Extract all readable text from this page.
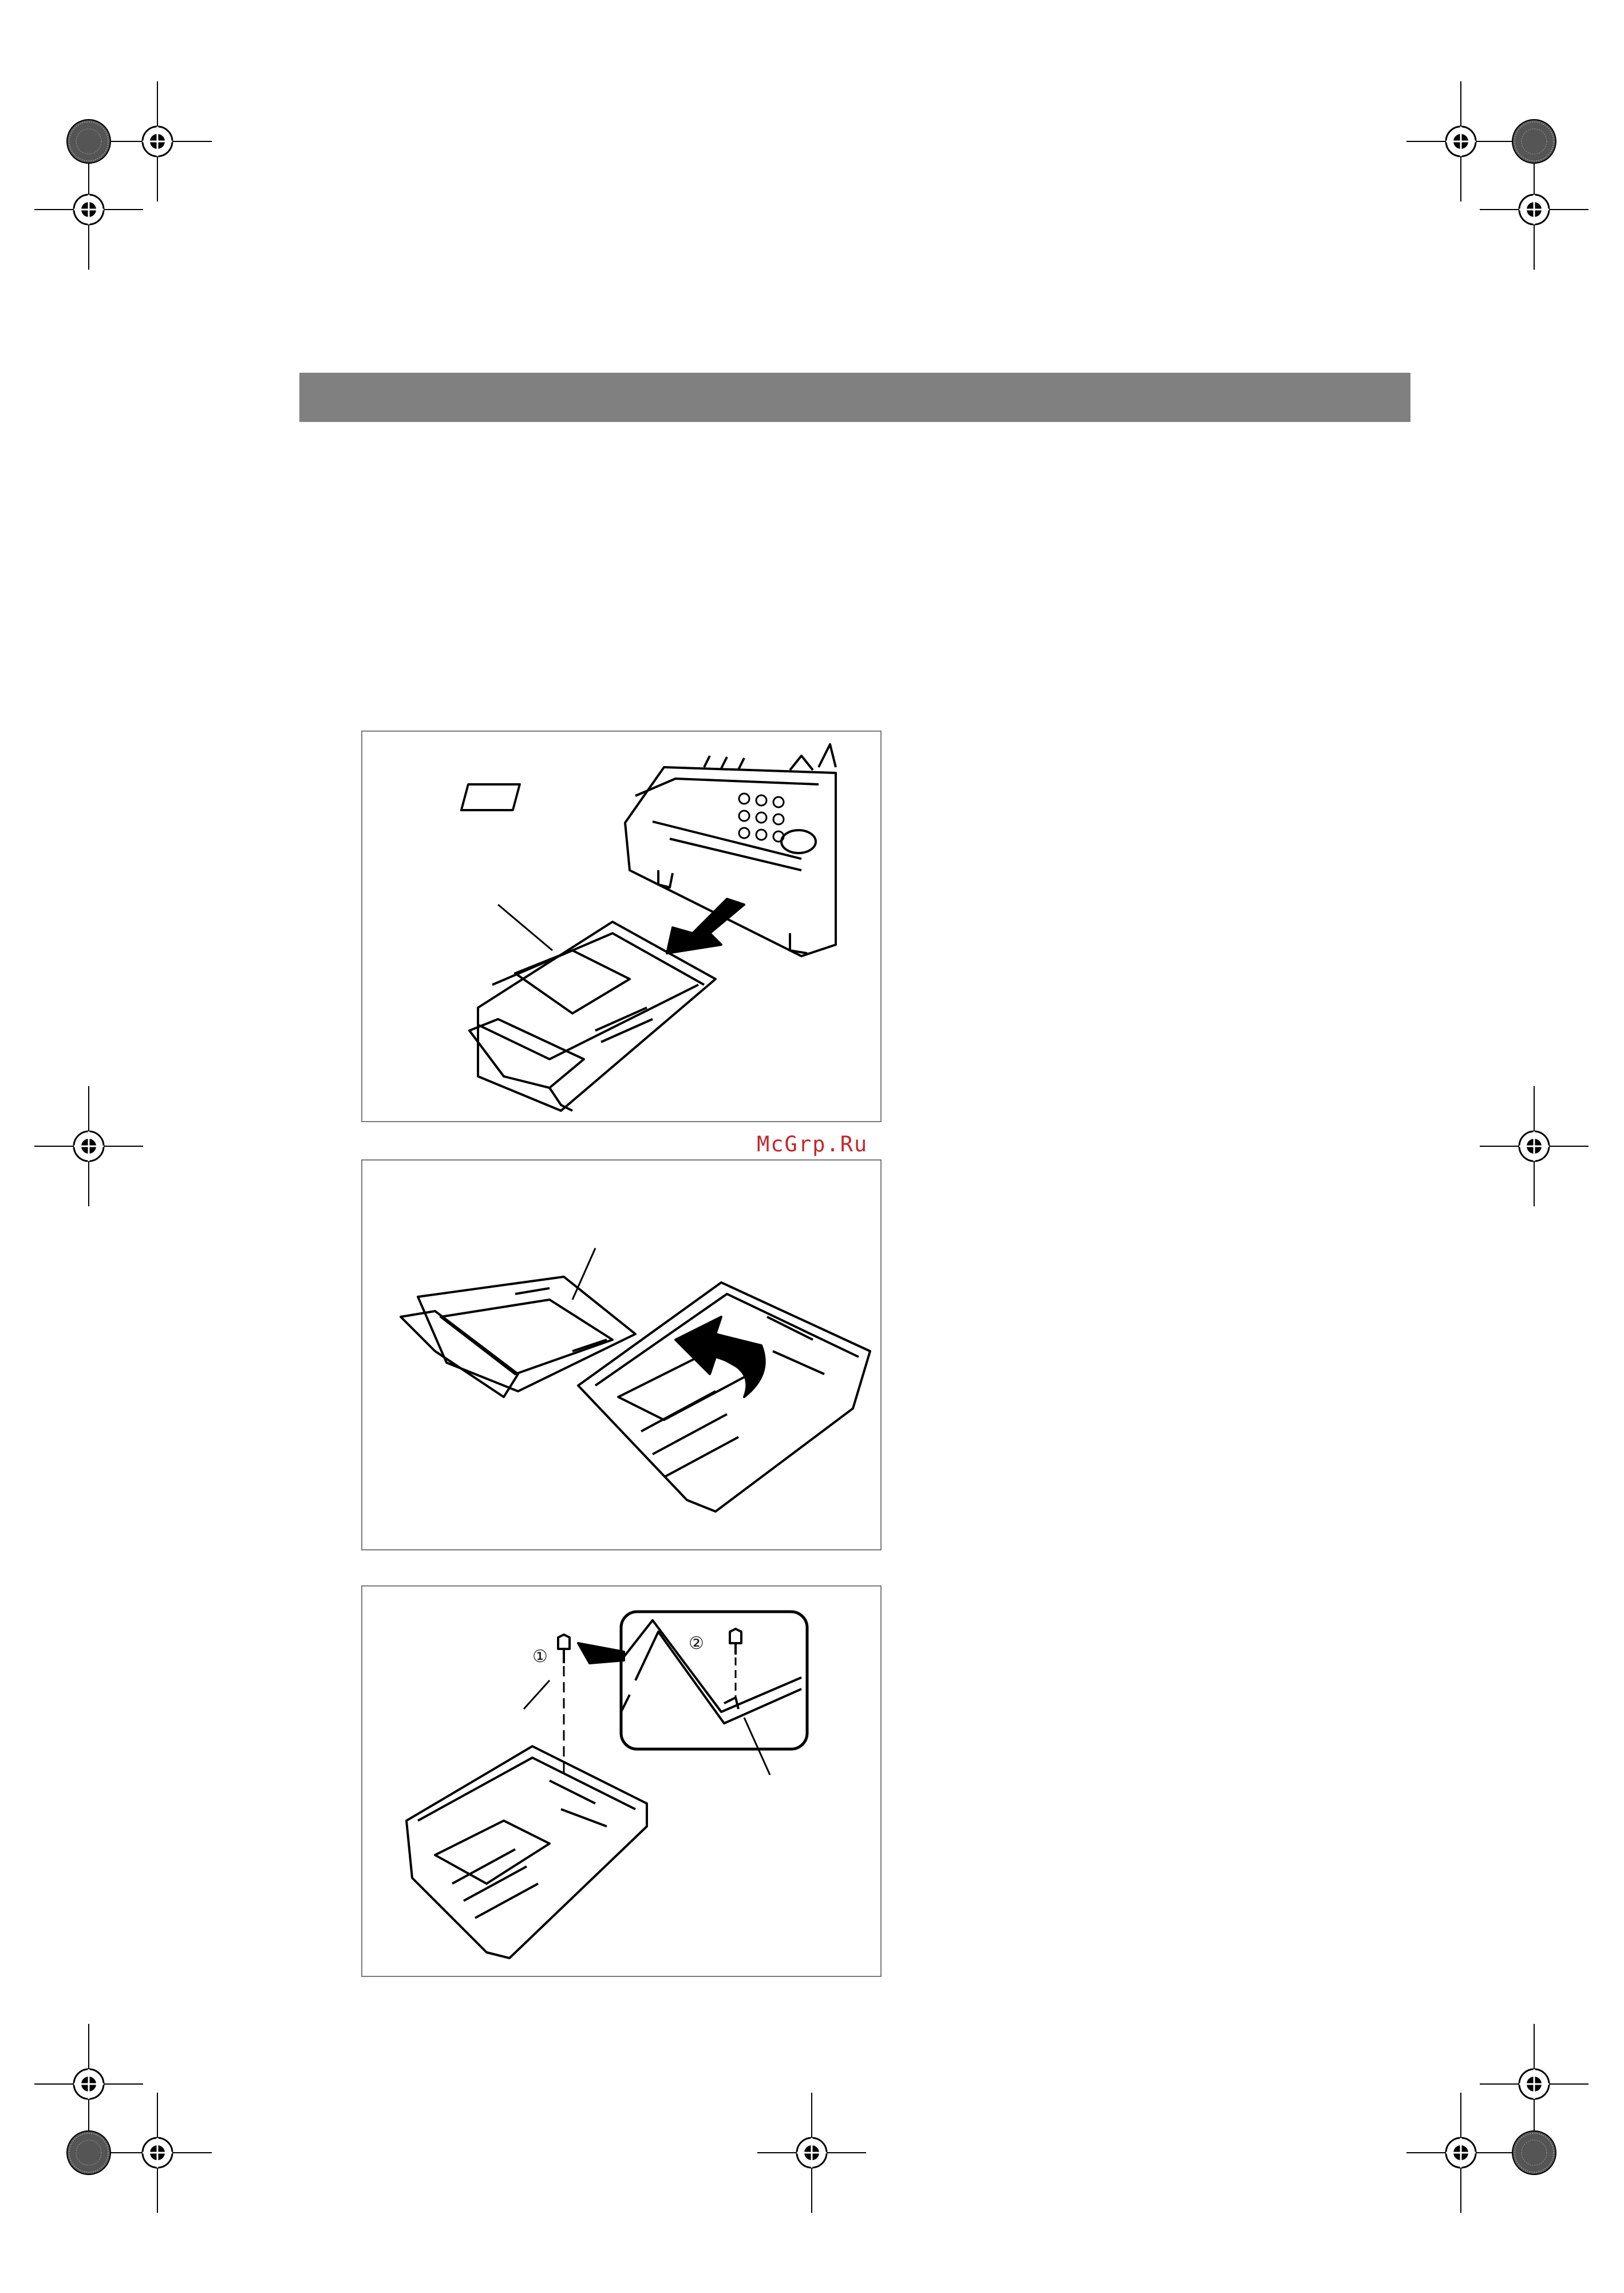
McGrp.Ru
①
②
